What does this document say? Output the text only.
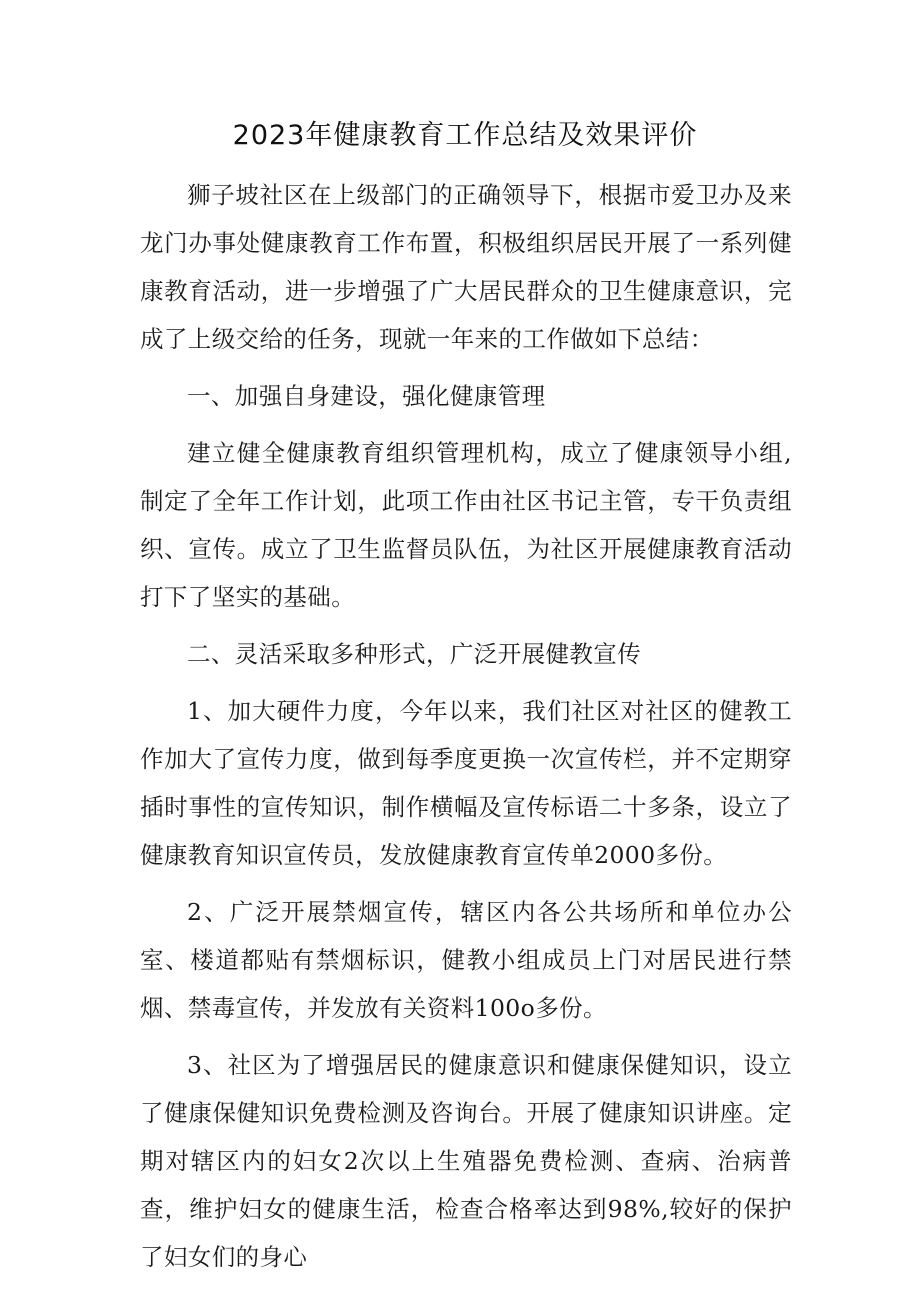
2023年健康教育工作总结及效果评价

狮子坡社区在上级部门的正确领导下，根据市爱卫办及来龙门办事处健康教育工作布置，积极组织居民开展了一系列健康教育活动，进一步增强了广大居民群众的卫生健康意识，完成了上级交给的任务，现就一年来的工作做如下总结：

一、加强自身建设，强化健康管理

建立健全健康教育组织管理机构，成立了健康领导小组,制定了全年工作计划，此项工作由社区书记主管，专干负责组织、宣传。成立了卫生监督员队伍，为社区开展健康教育活动打下了坚实的基础。

二、灵活采取多种形式，广泛开展健教宣传

1、加大硬件力度，今年以来，我们社区对社区的健教工作加大了宣传力度，做到每季度更换一次宣传栏，并不定期穿插时事性的宣传知识，制作横幅及宣传标语二十多条，设立了健康教育知识宣传员，发放健康教育宣传单2000多份。

2、广泛开展禁烟宣传，辖区内各公共场所和单位办公室、楼道都贴有禁烟标识，健教小组成员上门对居民进行禁烟、禁毒宣传，并发放有关资料100o多份。

3、社区为了增强居民的健康意识和健康保健知识，设立了健康保健知识免费检测及咨询台。开展了健康知识讲座。定期对辖区内的妇女2次以上生殖器免费检测、查病、治病普查，维护妇女的健康生活，检查合格率达到98%,较好的保护了妇女们的身心
